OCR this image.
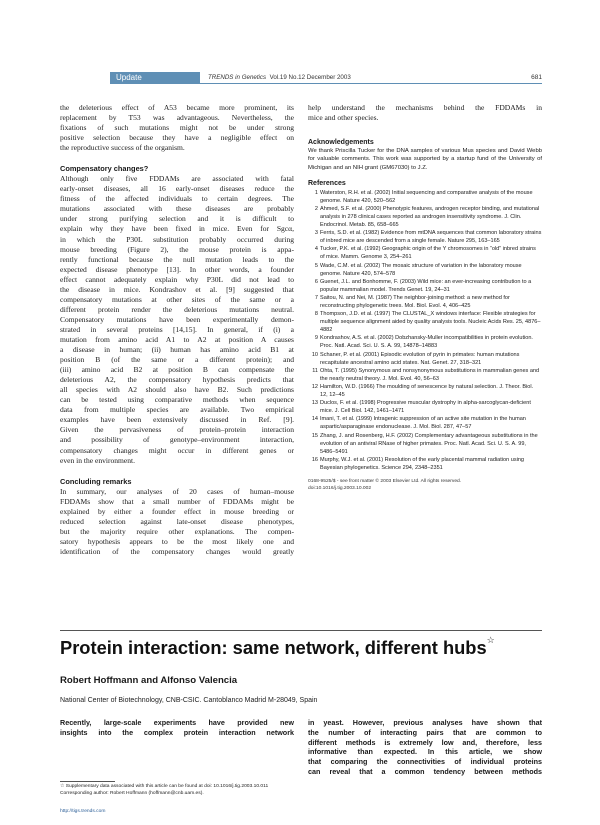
Update	TRENDS in Genetics Vol.19 No.12 December 2003	681

the deleterious effect of A53 became more prominent, its
replacement by T53 was advantageous. Nevertheless, the
fixations of such mutations might not be under strong
positive selection because they have a negligible effect on
the reproductive success of the organism.

Compensatory changes?

Although only five FDDAMs are associated with fatal
early-onset diseases, all 16 early-onset diseases reduce the
fitness of the affected individuals to certain degrees. The
mutations associated with these diseases are probably
under strong purifying selection and it is difficult to
explain why they have been fixed in mice. Even for Sgcα,
in which the P30L substitution probably occurred during
mouse breeding (Figure 2), the mouse protein is appa-
rently functional because the null mutation leads to the
expected disease phenotype [13]. In other words, a founder
effect cannot adequately explain why P30L did not lead to
the disease in mice. Kondrashov et al. [9] suggested that
compensatory mutations at other sites of the same or a
different protein render the deleterious mutations neutral.
Compensatory mutations have been experimentally demon-
strated in several proteins [14,15]. In general, if (i) a
mutation from amino acid A1 to A2 at position A causes
a disease in human; (ii) human has amino acid B1 at
position B (of the same or a different protein); and
(iii) amino acid B2 at position B can compensate the
deleterious A2, the compensatory hypothesis predicts that
all species with A2 should also have B2. Such predictions
can be tested using comparative methods when sequence
data from multiple species are available. Two empirical
examples have been extensively discussed in Ref. [9].
Given the pervasiveness of protein–protein interaction
and possibility of genotype–environment interaction,
compensatory changes might occur in different genes or
even in the environment.

Concluding remarks

In summary, our analyses of 20 cases of human–mouse
FDDAMs show that a small number of FDDAMs might be
explained by either a founder effect in mouse breeding or
reduced selection against late-onset disease phenotypes,
but the majority require other explanations. The compen-
satory hypothesis appears to be the most likely one and
identification of the compensatory changes would greatly

help understand the mechanisms behind the FDDAMs in
mice and other species.

Acknowledgements
We thank Priscilla Tucker for the DNA samples of various Mus species and David Webb for valuable comments. This work was supported by a startup fund of the University of Michigan and an NIH grant (GM67030) to J.Z.
References
1 Waterston, R.H. et al. (2002) Initial sequencing and comparative analysis of the mouse genome. Nature 420, 520–562
2 Ahmed, S.F. et al. (2000) Phenotypic features, androgen receptor binding, and mutational analysis in 278 clinical cases reported as androgen insensitivity syndrome. J. Clin. Endocrinol. Metab. 85, 658–665
3 Ferris, S.D. et al. (1982) Evidence from mtDNA sequences that common laboratory strains of inbred mice are descended from a single female. Nature 295, 163–165
4 Tucker, P.K. et al. (1992) Geographic origin of the Y chromosomes in “old” inbred strains of mice. Mamm. Genome 3, 254–261
5 Wade, C.M. et al. (2002) The mosaic structure of variation in the laboratory mouse genome. Nature 420, 574–578
6 Guenet, J.L. and Bonhomme, F. (2003) Wild mice: an ever-increasing contribution to a popular mammalian model. Trends Genet. 19, 24–31
7 Saitou, N. and Nei, M. (1987) The neighbor-joining method: a new method for reconstructing phylogenetic trees. Mol. Biol. Evol. 4, 406–425
8 Thompson, J.D. et al. (1997) The CLUSTAL_X windows interface: Flexible strategies for multiple sequence alignment aided by quality analysis tools. Nucleic Acids Res. 25, 4876–4882
9 Kondrashov, A.S. et al. (2002) Dobzhansky-Muller incompatibilities in protein evolution. Proc. Natl. Acad. Sci. U. S. A. 99, 14878–14883
10 Schaner, P. et al. (2001) Episodic evolution of pyrin in primates: human mutations recapitulate ancestral amino acid states. Nat. Genet. 27, 318–321
11 Ohta, T. (1995) Synonymous and nonsynonymous substitutions in mammalian genes and the nearly neutral theory. J. Mol. Evol. 40, 56–63
12 Hamilton, W.D. (1966) The moulding of senescence by natural selection. J. Theor. Biol. 12, 12–45
13 Duclos, F. et al. (1998) Progressive muscular dystrophy in alpha-sarcoglycan-deficient mice. J. Cell Biol. 142, 1461–1471
14 Imani, T. et al. (1999) Intragenic suppression of an active site mutation in the human aspartic/asparaginase endonuclease. J. Mol. Biol. 287, 47–57
15 Zhang, J. and Rosenberg, H.F. (2002) Complementary advantageous substitutions in the evolution of an antiviral RNase of higher primates. Proc. Natl. Acad. Sci. U. S. A. 99, 5486–5491
16 Murphy, W.J. et al. (2001) Resolution of the early placental mammal radiation using Bayesian phylogenetics. Science 294, 2348–2351
0168-9525/$ - see front matter © 2003 Elsevier Ltd. All rights reserved.
doi:10.1016/j.tig.2003.10.002
Protein interaction: same network, different hubs☆
Robert Hoffmann and Alfonso Valencia
National Center of Biotechnology, CNB-CSIC. Cantoblanco Madrid M-28049, Spain
Recently, large-scale experiments have provided new
insights into the complex protein interaction network
in yeast. However, previous analyses have shown that
the number of interacting pairs that are common to
different methods is extremely low and, therefore, less
informative than expected. In this article, we show
that comparing the connectivities of individual proteins
can reveal that a common tendency between methods
☆ Supplementary data associated with this article can be found at doi: 10.1016/j.tig.2003.10.011
Corresponding author: Robert Hoffmann (hoffmann@cnb.uam.es).
http://tigs.trends.com
